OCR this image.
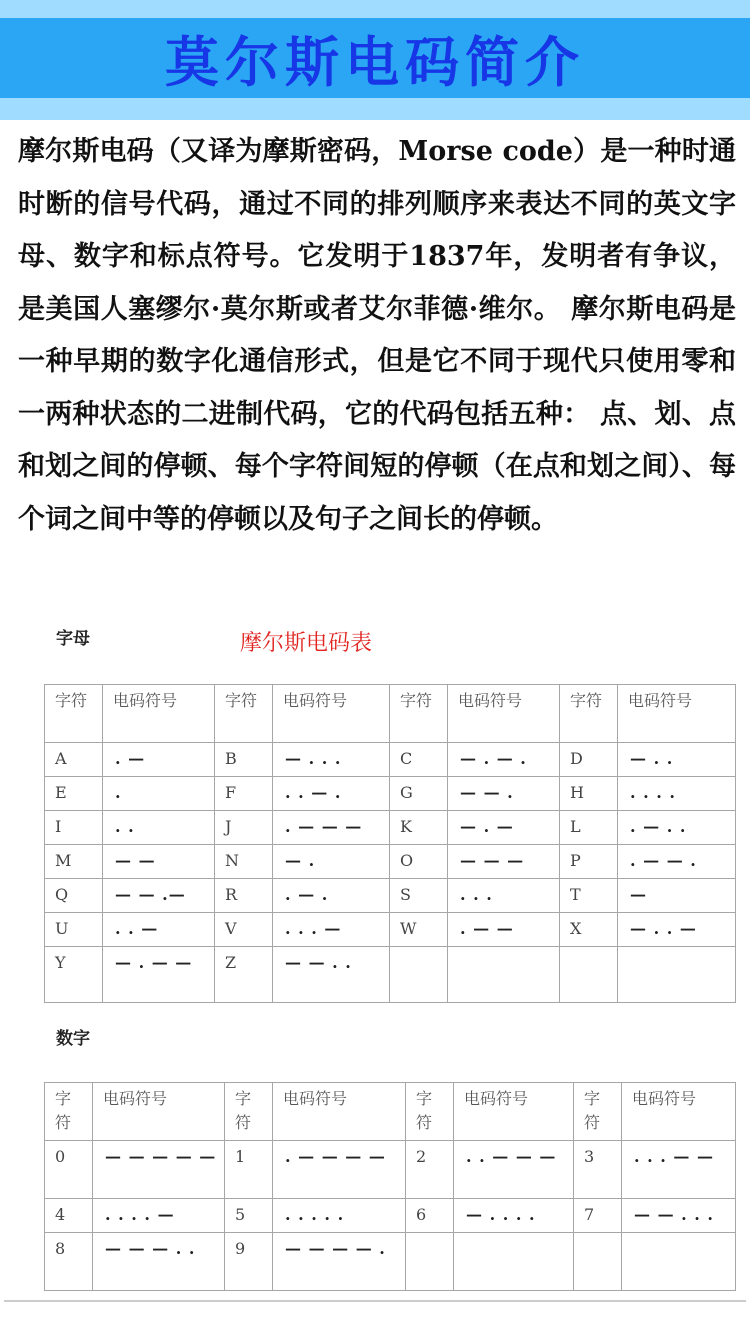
莫尔斯电码简介

摩尔斯电码（又译为摩斯密码，Morse code）是一种时通时断的信号代码，通过不同的排列顺序来表达不同的英文字母、数字和标点符号。它发明于1837年，发明者有争议，是美国人塞缪尔·莫尔斯或者艾尔菲德·维尔。 摩尔斯电码是一种早期的数字化通信形式，但是它不同于现代只使用零和一两种状态的二进制代码，它的代码包括五种： 点、划、点和划之间的停顿、每个字符间短的停顿（在点和划之间）、每个词之间中等的停顿以及句子之间长的停顿。

字母	摩尔斯电码表
字符	电码符号	字符	电码符号	字符	电码符号	字符	电码符号
A	. —	B	— . . .	C	— . — .	D	— . .
E	.	F	. . — .	G	— — .	H	. . . .
I	. .	J	. — — —	K	— . —	L	. — . .
M	— —	N	— .	O	— — —	P	. — — .
Q	— — .—	R	. — .	S	. . .	T	—
U	. . —	V	. . . —	W	. — —	X	— . . —
Y	— . — —	Z	— — . .				
数字
字符	电码符号	字符	电码符号	字符	电码符号	字符	电码符号
0	— — — — —	1	. — — — —	2	. . — — —	3	. . . — —
4	. . . . —	5	. . . . .	6	— . . . .	7	— — . . .
8	— — — . .	9	— — — — .				
